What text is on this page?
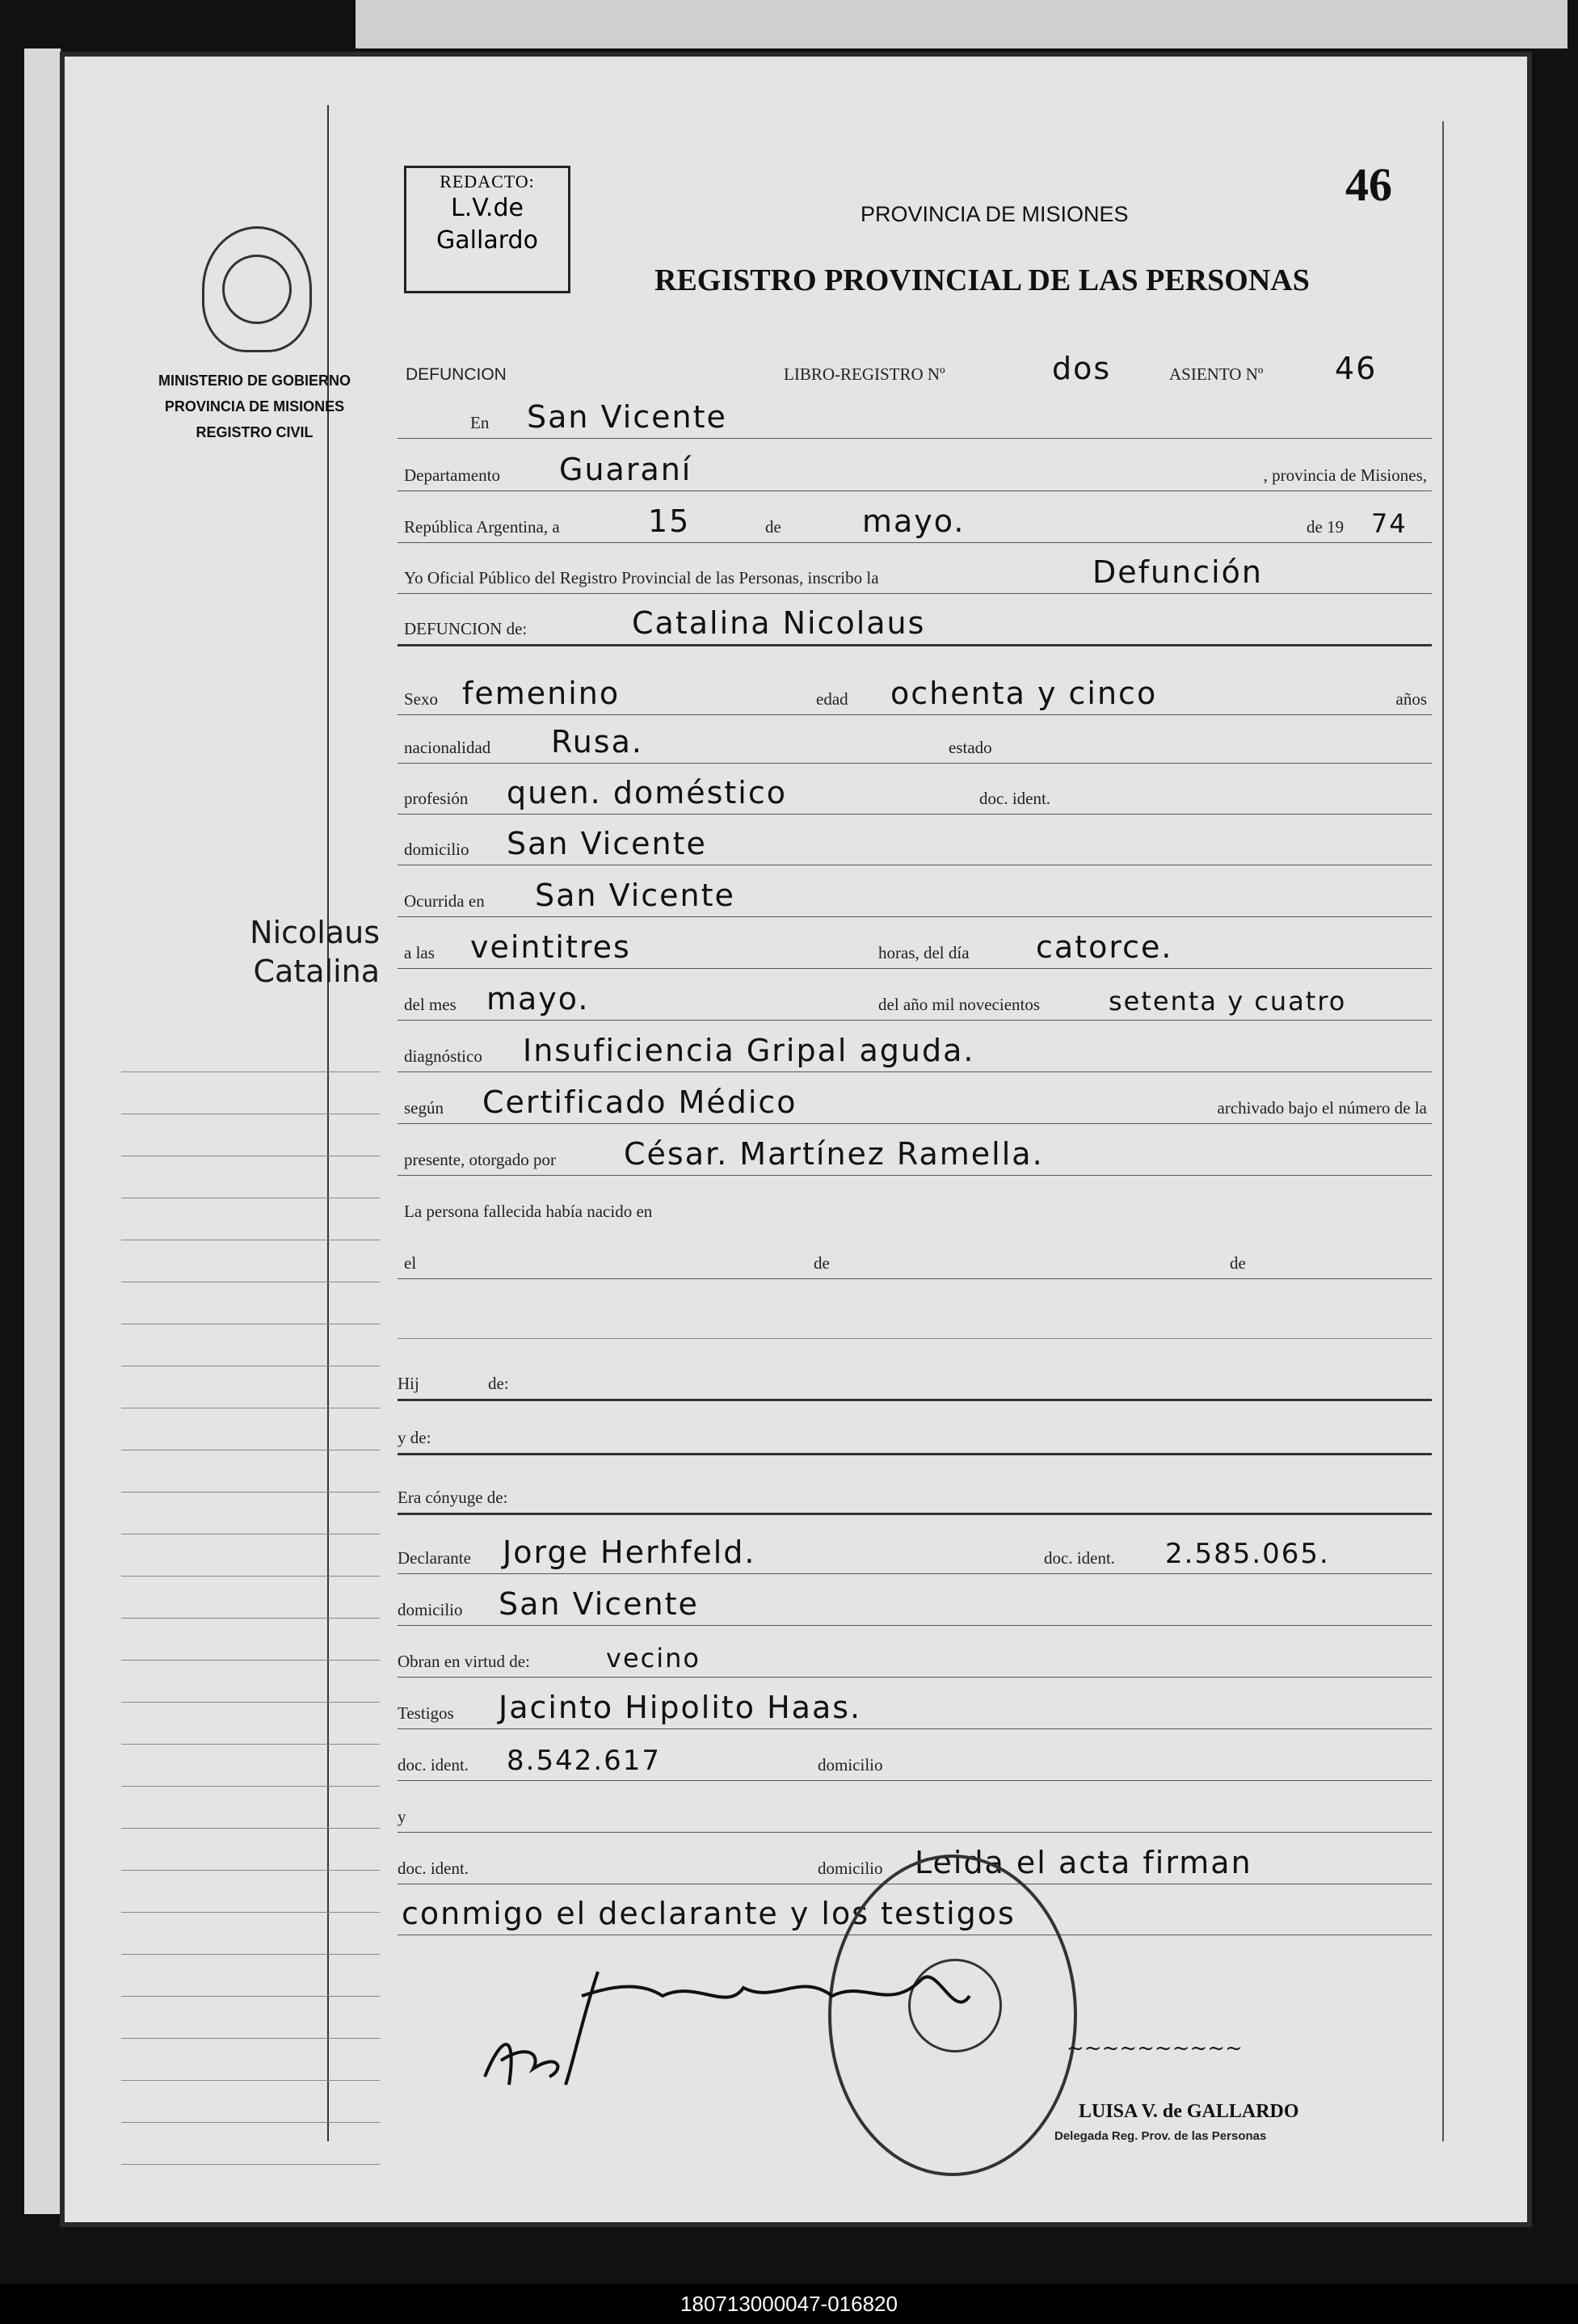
MINISTERIO DE GOBIERNO
PROVINCIA DE MISIONES
REGISTRO CIVIL
Nicolaus
Catalina
REDACTO:
L.V.de
Gallardo
46
PROVINCIA DE MISIONES
REGISTRO PROVINCIAL DE LAS PERSONAS
DEFUNCION	LIBRO-REGISTRO Nº	dos	ASIENTO Nº 46
En San Vicente
Departamento Guaraní	, provincia de Misiones,
República Argentina, a	15	de	mayo.	de 19 74
Yo Oficial Público del Registro Provincial de las Personas, inscribo la	Defunción
DEFUNCION de:	Catalina Nicolaus
Sexo femenino	edad ochenta y cinco	años
nacionalidad Rusa.	estado
profesión quen. doméstico	doc. ident.
domicilio San Vicente
Ocurrida en San Vicente
a las veintitres	horas, del día catorce.
del mes mayo.	del año mil novecientos	setenta y cuatro
diagnóstico Insuficiencia Gripal aguda.
según Certificado Médico	archivado bajo el número de la
presente, otorgado por César. Martínez Ramella.
La persona fallecida había nacido en
el	de	de
Hij	de:
y de:
Era cónyuge de:
Declarante Jorge Herhfeld.	doc. ident. 2.585.065.
domicilio San Vicente
Obran en virtud de:	vecino
Testigos Jacinto Hipolito Haas.
doc. ident. 8.542.617	domicilio
y
doc. ident.	domicilio Leida el acta firman
conmigo el declarante y los testigos
~~~~~~~~~~
LUISA V. de GALLARDO
Delegada Reg. Prov. de las Personas
180713000047-016820
